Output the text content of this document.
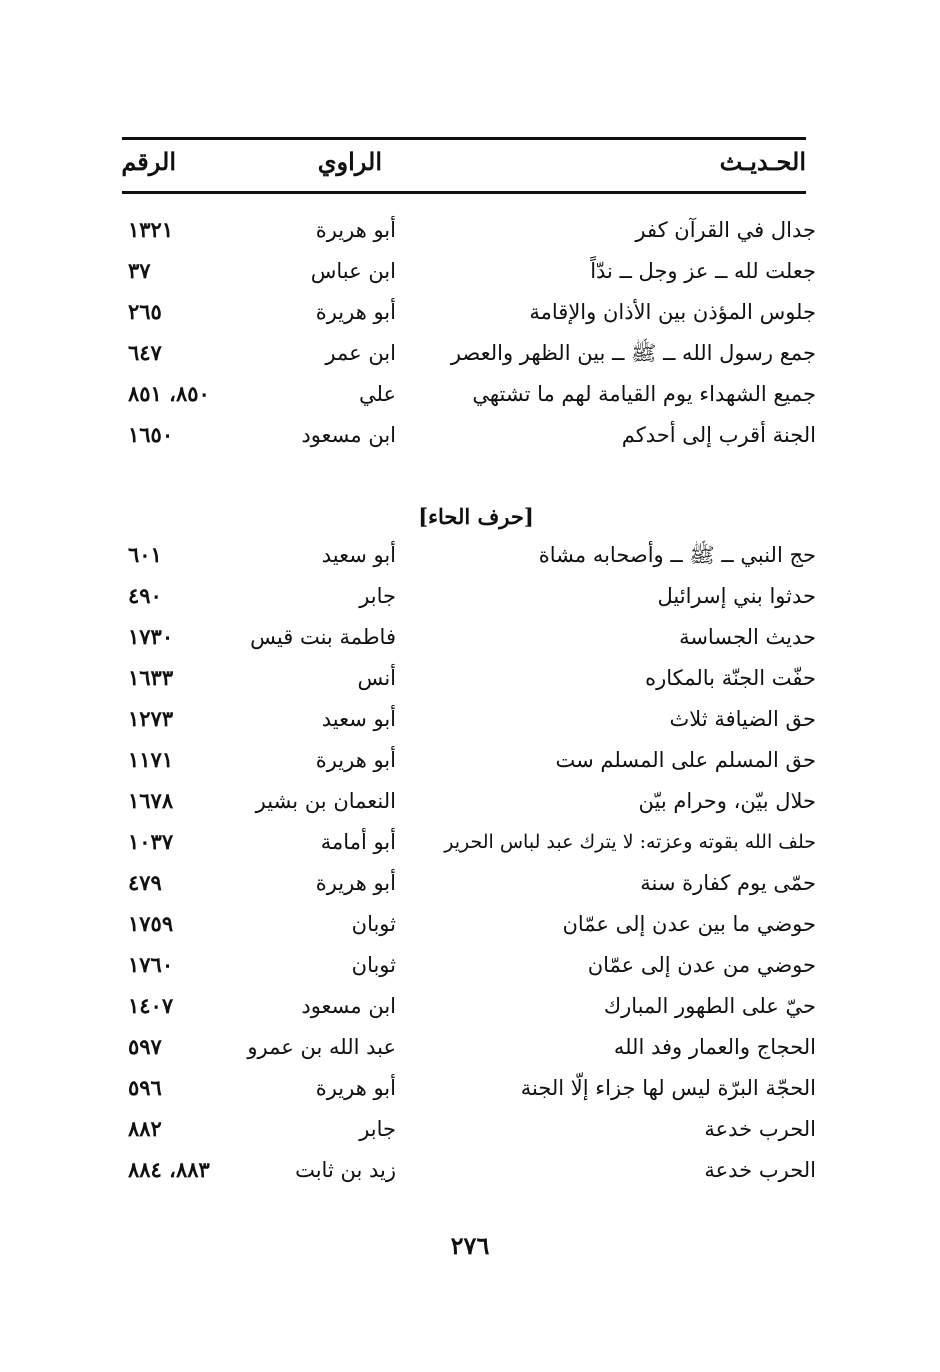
الحـديـث
الراوي
الرقم
جدال في القرآن كفر
أبو هريرة
١٣٢١
جعلت لله ــ عز وجل ــ ندّاً
ابن عباس
٣٧
جلوس المؤذن بين الأذان والإقامة
أبو هريرة
٢٦٥
جمع رسول الله ــ ﷺ ــ بين الظهر والعصر
ابن عمر
٦٤٧
جميع الشهداء يوم القيامة لهم ما تشتهي
علي
٨٥٠، ٨٥١
الجنة أقرب إلى أحدكم
ابن مسعود
١٦٥٠
[حرف الحاء]
حج النبي ــ ﷺ ــ وأصحابه مشاة
أبو سعيد
٦٠١
حدثوا بني إسرائيل
جابر
٤٩٠
حديث الجساسة
فاطمة بنت قيس
١٧٣٠
حفّت الجنّة بالمكاره
أنس
١٦٣٣
حق الضيافة ثلاث
أبو سعيد
١٢٧٣
حق المسلم على المسلم ست
أبو هريرة
١١٧١
حلال بيّن، وحرام بيّن
النعمان بن بشير
١٦٧٨
حلف الله بقوته وعزته: لا يترك عبد لباس الحرير
أبو أمامة
١٠٣٧
حمّى يوم كفارة سنة
أبو هريرة
٤٧٩
حوضي ما بين عدن إلى عمّان
ثوبان
١٧٥٩
حوضي من عدن إلى عمّان
ثوبان
١٧٦٠
حيّ على الطهور المبارك
ابن مسعود
١٤٠٧
الحجاج والعمار وفد الله
عبد الله بن عمرو
٥٩٧
الحجّة البرّة ليس لها جزاء إلّا الجنة
أبو هريرة
٥٩٦
الحرب خدعة
جابر
٨٨٢
الحرب خدعة
زيد بن ثابت
٨٨٣، ٨٨٤
٢٧٦
